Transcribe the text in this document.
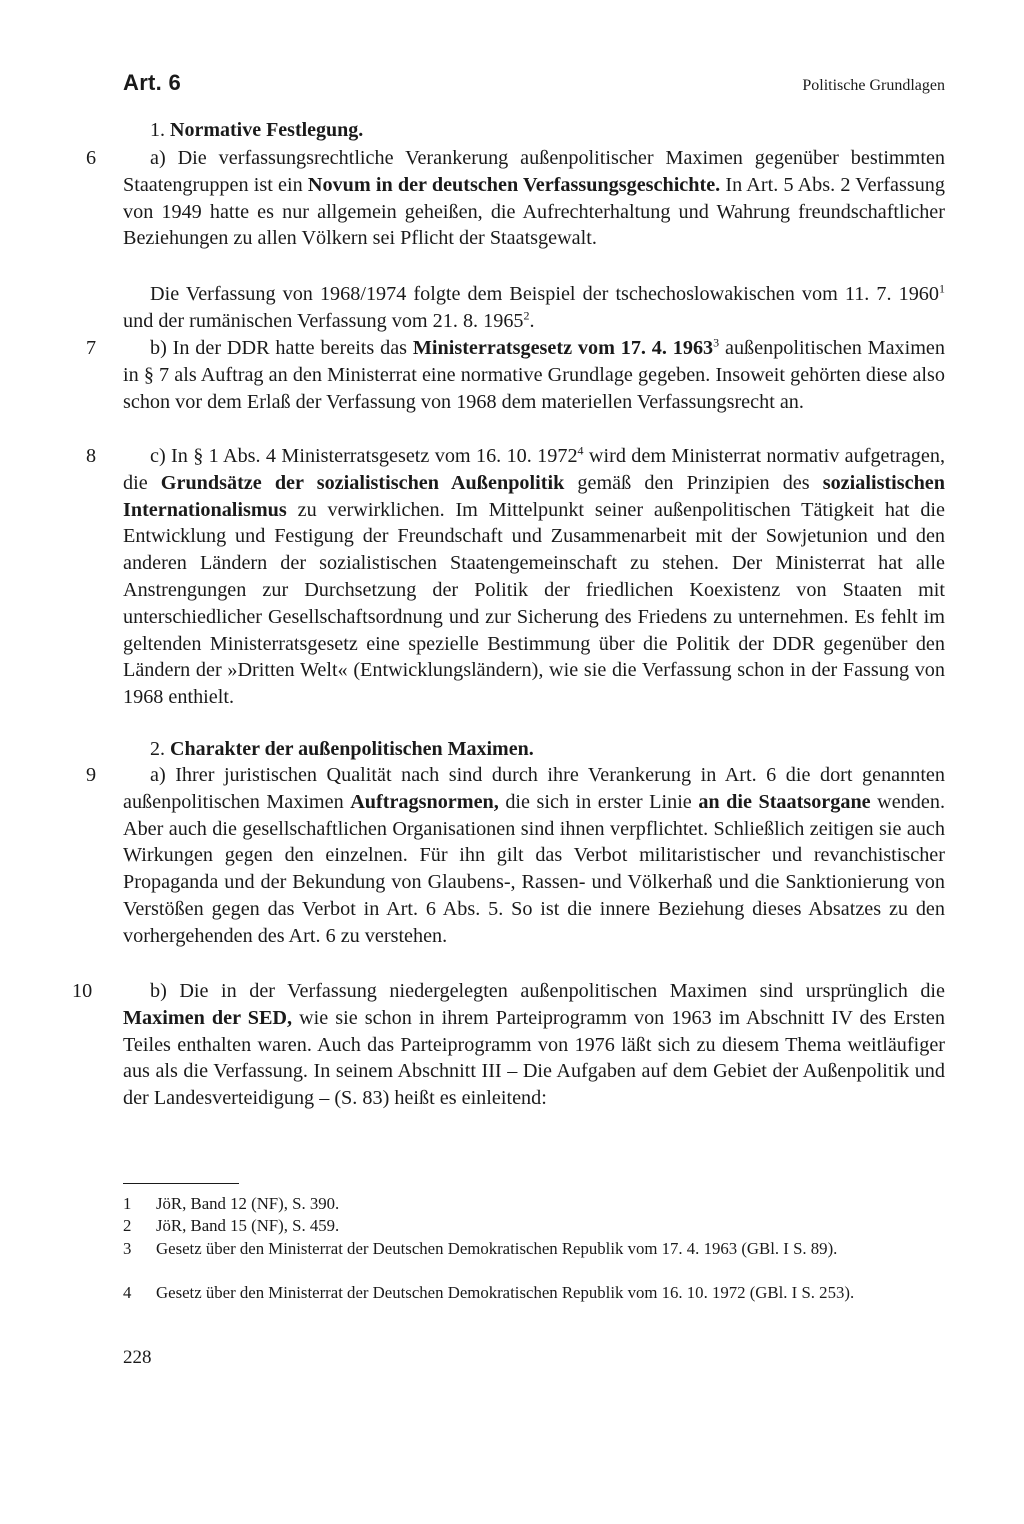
Art. 6	Politische Grundlagen
1. Normative Festlegung.
6	a) Die verfassungsrechtliche Verankerung außenpolitischer Maximen gegenüber bestimmten Staatengruppen ist ein Novum in der deutschen Verfassungsgeschichte. In Art. 5 Abs. 2 Verfassung von 1949 hatte es nur allgemein geheißen, die Aufrechterhaltung und Wahrung freundschaftlicher Beziehungen zu allen Völkern sei Pflicht der Staatsgewalt.

Die Verfassung von 1968/1974 folgte dem Beispiel der tschechoslowakischen vom 11. 7. 1960$^1$ und der rumänischen Verfassung vom 21. 8. 1965$^2$.

7	b) In der DDR hatte bereits das Ministerratsgesetz vom 17. 4. 1963$^3$ außenpolitischen Maximen in § 7 als Auftrag an den Ministerrat eine normative Grundlage gegeben. Insoweit gehörten diese also schon vor dem Erlaß der Verfassung von 1968 dem materiellen Verfassungsrecht an.

8	c) In § 1 Abs. 4 Ministerratsgesetz vom 16. 10. 1972$^4$ wird dem Ministerrat normativ aufgetragen, die Grundsätze der sozialistischen Außenpolitik gemäß den Prinzipien des sozialistischen Internationalismus zu verwirklichen. Im Mittelpunkt seiner außenpolitischen Tätigkeit hat die Entwicklung und Festigung der Freundschaft und Zusammenarbeit mit der Sowjetunion und den anderen Ländern der sozialistischen Staatengemeinschaft zu stehen. Der Ministerrat hat alle Anstrengungen zur Durchsetzung der Politik der friedlichen Koexistenz von Staaten mit unterschiedlicher Gesellschaftsordnung und zur Sicherung des Friedens zu unternehmen. Es fehlt im geltenden Ministerratsgesetz eine spezielle Bestimmung über die Politik der DDR gegenüber den Ländern der »Dritten Welt« (Entwicklungsländern), wie sie die Verfassung schon in der Fassung von 1968 enthielt.

2. Charakter der außenpolitischen Maximen.
9	a) Ihrer juristischen Qualität nach sind durch ihre Verankerung in Art. 6 die dort genannten außenpolitischen Maximen Auftragsnormen, die sich in erster Linie an die Staatsorgane wenden. Aber auch die gesellschaftlichen Organisationen sind ihnen verpflichtet. Schließlich zeitigen sie auch Wirkungen gegen den einzelnen. Für ihn gilt das Verbot militaristischer und revanchistischer Propaganda und der Bekundung von Glaubens-, Rassen- und Völkerhaß und die Sanktionierung von Verstößen gegen das Verbot in Art. 6 Abs. 5. So ist die innere Beziehung dieses Absatzes zu den vorhergehenden des Art. 6 zu verstehen.

10	b) Die in der Verfassung niedergelegten außenpolitischen Maximen sind ursprünglich die Maximen der SED, wie sie schon in ihrem Parteiprogramm von 1963 im Abschnitt IV des Ersten Teiles enthalten waren. Auch das Parteiprogramm von 1976 läßt sich zu diesem Thema weitläufiger aus als die Verfassung. In seinem Abschnitt III – Die Aufgaben auf dem Gebiet der Außenpolitik und der Landesverteidigung – (S. 83) heißt es einleitend:

1 JöR, Band 12 (NF), S. 390.
2 JöR, Band 15 (NF), S. 459.
3 Gesetz über den Ministerrat der Deutschen Demokratischen Republik vom 17. 4. 1963 (GBl. I S. 89).
4 Gesetz über den Ministerrat der Deutschen Demokratischen Republik vom 16. 10. 1972 (GBl. I S. 253).
228
